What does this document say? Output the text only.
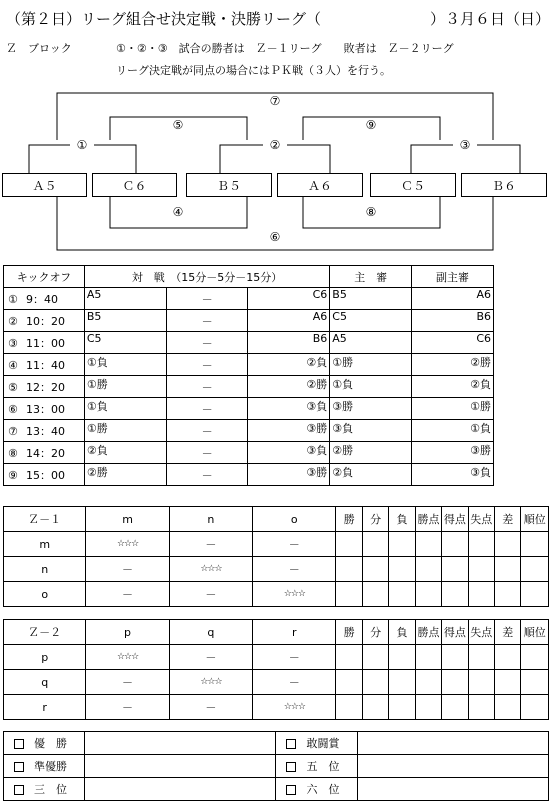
（第２日）リーグ組合せ決定戦・決勝リーグ（	）３月６日（日）
Ｚ　ブロック	①・②・③　試合の勝者は　Ｚ－１リーグ　　敗者は　Ｚ－２リーグ
リーグ決定戦が同点の場合にはＰＫ戦（３人）を行う。
Ａ５	Ｃ６	Ｂ５	Ａ６	Ｃ５	Ｂ６
①	②	③
⑤	⑨
⑦
④	⑧
⑥
キックオフ	対　戦　（15分－5分－15分）			主　審	副主審
① 9：40	A5	－	C6	B5	A6
② 10：20	B5	－	A6	C5	B6
③ 11：00	C5	－	B6	A5	C6
④ 11：40	①負	－	②負	①勝	②勝
⑤ 12：20	①勝	－	②勝	①負	②負
⑥ 13：00	①負	－	③負	③勝	①勝
⑦ 13：40	①勝	－	③勝	③負	①負
⑧ 14：20	②負	－	③負	②勝	③勝
⑨ 15：00	②勝	－	③勝	②負	③負
Ｚ－１	m	n	o	勝	分	負	勝点	得点	失点	差	順位
m	☆☆☆	－	－								
n	－	☆☆☆	－								
o	－	－	☆☆☆								
Ｚ－２	p	q	r	勝	分	負	勝点	得点	失点	差	順位
p	☆☆☆	－	－								
q	－	☆☆☆	－								
r	－	－	☆☆☆								
優　勝		敢闘賞	
準優勝		五　位	
三　位		六　位	
